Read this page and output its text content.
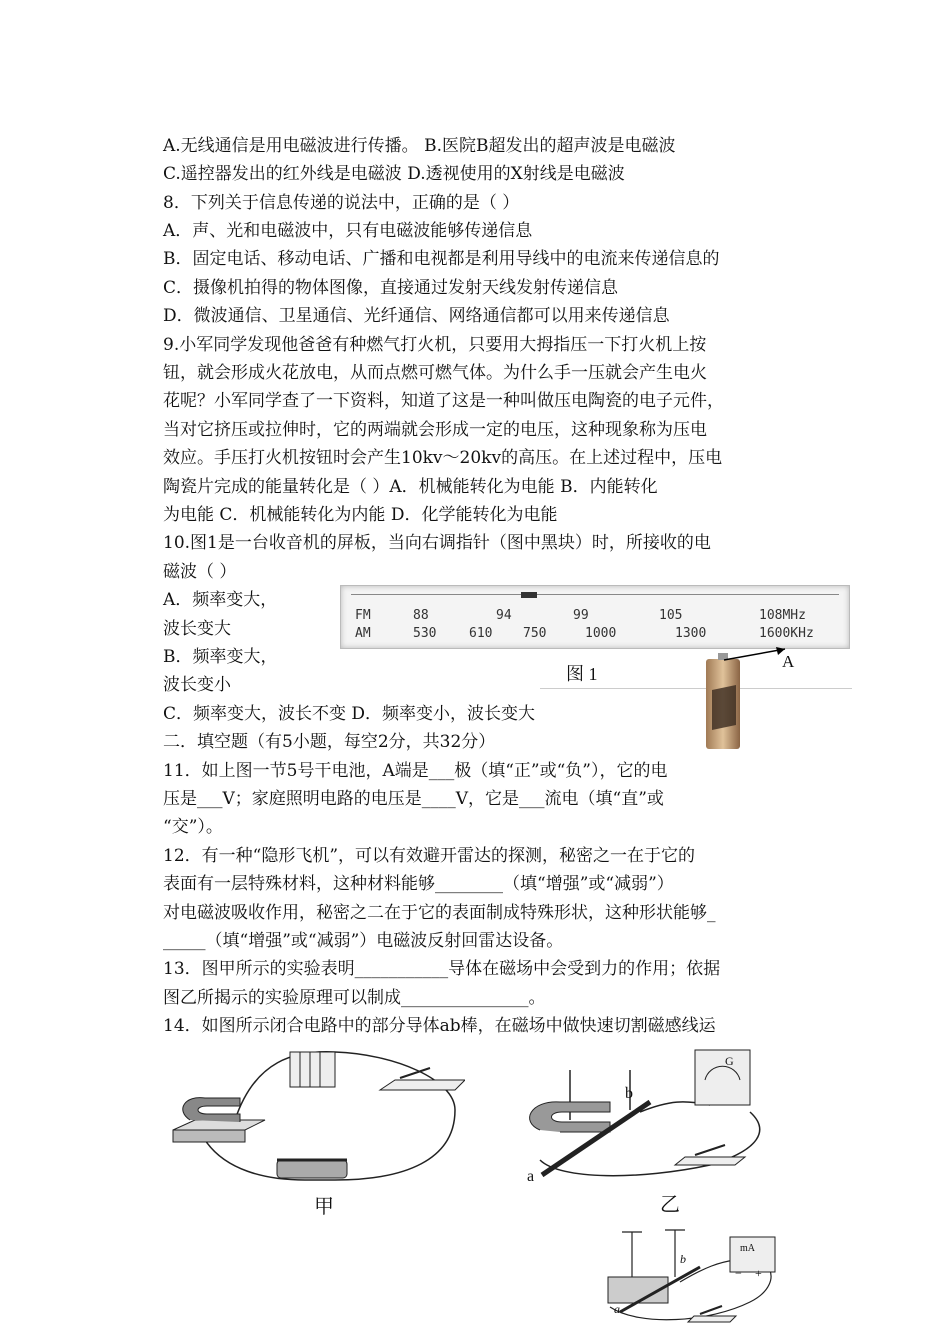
A.无线通信是用电磁波进行传播。 B.医院B超发出的超声波是电磁波
C.遥控器发出的红外线是电磁波 D.透视使用的X射线是电磁波
8．下列关于信息传递的说法中，正确的是（ ）
A．声、光和电磁波中，只有电磁波能够传递信息
B．固定电话、移动电话、广播和电视都是利用导线中的电流来传递信息的
C．摄像机拍得的物体图像，直接通过发射天线发射传递信息
D．微波通信、卫星通信、光纤通信、网络通信都可以用来传递信息
9.小军同学发现他爸爸有种燃气打火机，只要用大拇指压一下打火机上按
钮，就会形成火花放电，从而点燃可燃气体。为什么手一压就会产生电火
花呢？小军同学查了一下资料，知道了这是一种叫做压电陶瓷的电子元件，
当对它挤压或拉伸时，它的两端就会形成一定的电压，这种现象称为压电
效应。手压打火机按钮时会产生10kv～20kv的高压。在上述过程中，压电
陶瓷片完成的能量转化是（ ）A．机械能转化为电能 B．内能转化
为电能 C．机械能转化为内能 D．化学能转化为电能
10.图1是一台收音机的屏板，当向右调指针（图中黑块）时，所接收的电
磁波（ ）
A．频率变大，
波长变大
B．频率变大，
波长变小
C．频率变大，波长不变 D．频率变小，波长变大
二．填空题（有5小题，每空2分，共32分）
11．如上图一节5号干电池，A端是___极（填“正”或“负”），它的电
压是___V；家庭照明电路的电压是____V，它是___流电（填“直”或
“交”）。
12．有一种“隐形飞机”，可以有效避开雷达的探测，秘密之一在于它的
表面有一层特殊材料，这种材料能够________（填“增强”或“减弱”）
对电磁波吸收作用，秘密之二在于它的表面制成特殊形状，这种形状能够_
_____（填“增强”或“减弱”）电磁波反射回雷达设备。
13．图甲所示的实验表明___________导体在磁场中会受到力的作用；依据
图乙所揭示的实验原理可以制成_______________。
14．如图所示闭合电路中的部分导体ab棒，在磁场中做快速切割磁感线运
FM	88	94	99	105	108MHz
AM	530	610 750	1000	1300	1600KHz
图 1
A
甲
b
a
G
乙
mA
− +
b
a
